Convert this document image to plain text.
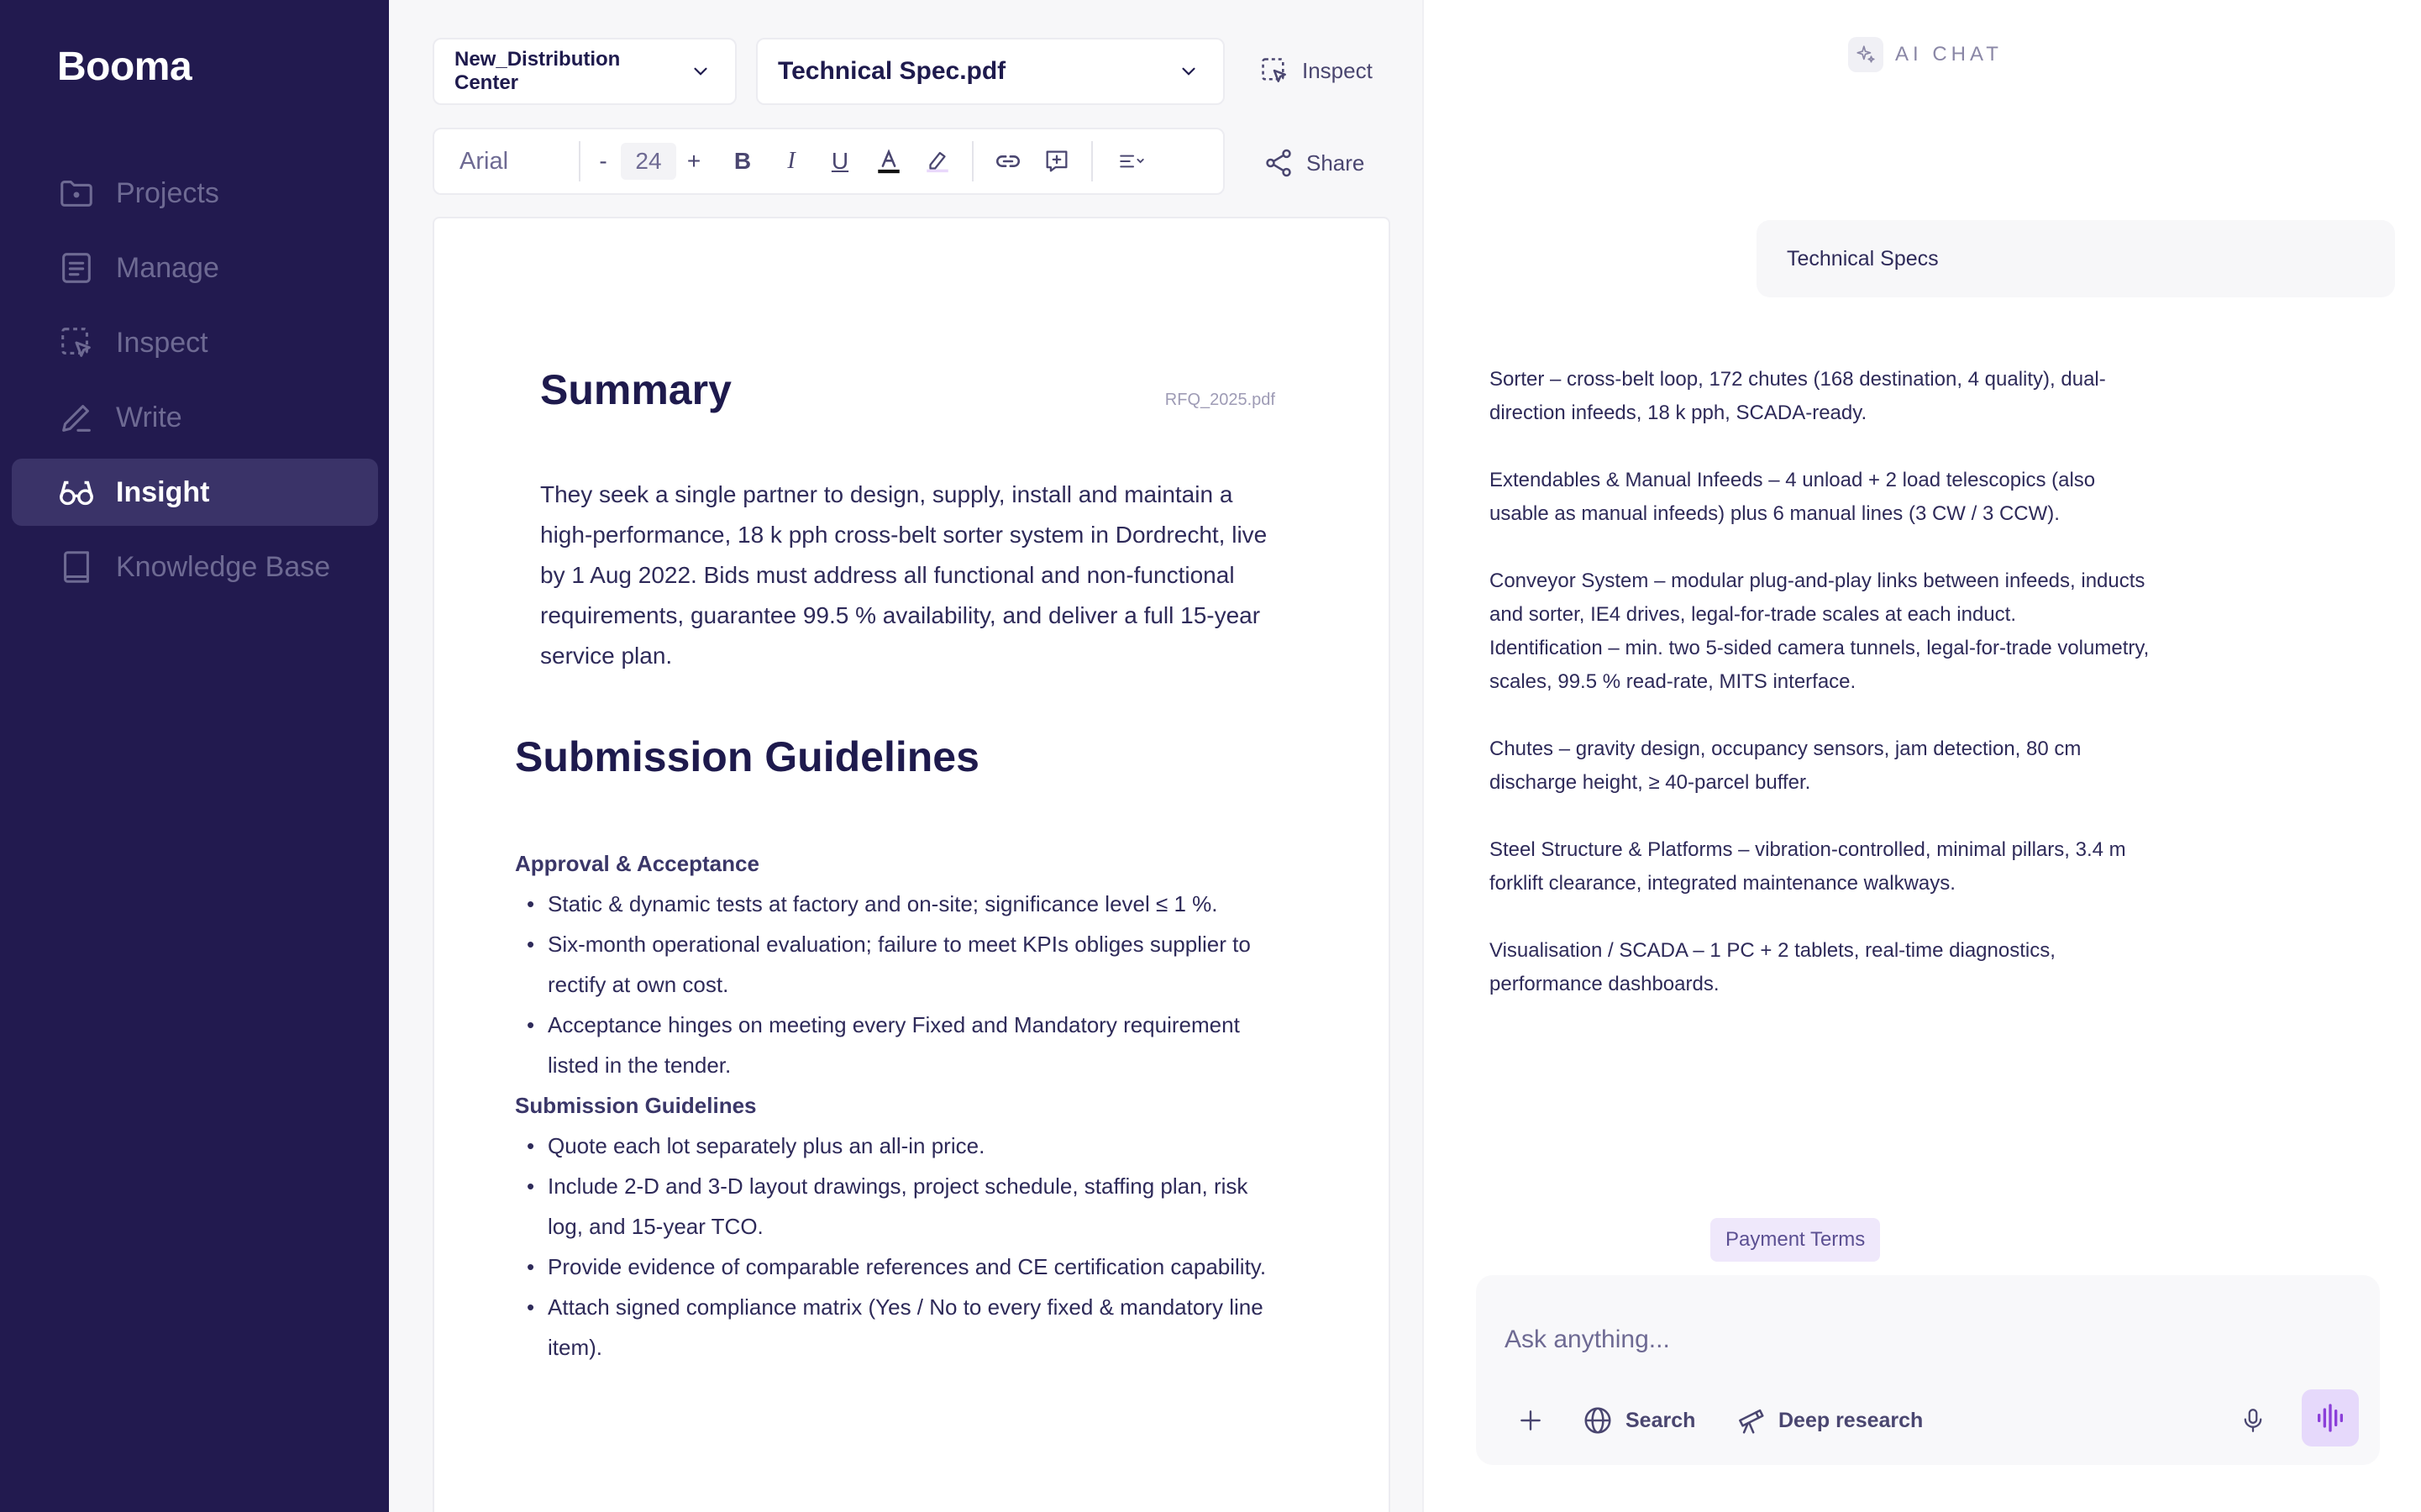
Booma
Projects
Manage
Inspect
Write
Insight
Knowledge Base
New_Distribution Center	Technical Spec.pdf	Inspect
Arial	-	24	+	B	I	U	Share
Summary	RFQ_2025.pdf

They seek a single partner to design, supply, install and maintain a high-performance, 18 k pph cross-belt sorter system in Dordrecht, live by 1 Aug 2022. Bids must address all functional and non-functional requirements, guarantee 99.5 % availability, and deliver a full 15-year service plan.

Submission Guidelines
Approval & Acceptance
• Static & dynamic tests at factory and on-site; significance level ≤ 1 %.
• Six-month operational evaluation; failure to meet KPIs obliges supplier to rectify at own cost.
• Acceptance hinges on meeting every Fixed and Mandatory requirement listed in the tender.
Submission Guidelines
• Quote each lot separately plus an all-in price.
• Include 2-D and 3-D layout drawings, project schedule, staffing plan, risk log, and 15-year TCO.
• Provide evidence of comparable references and CE certification capability.
• Attach signed compliance matrix (Yes / No to every fixed & mandatory line item).
AI CHAT
Technical Specs

Sorter – cross-belt loop, 172 chutes (168 destination, 4 quality), dual-direction infeeds, 18 k pph, SCADA-ready.

Extendables & Manual Infeeds – 4 unload + 2 load telescopics (also usable as manual infeeds) plus 6 manual lines (3 CW / 3 CCW).

Conveyor System – modular plug-and-play links between infeeds, inducts and sorter, IE4 drives, legal-for-trade scales at each induct.

Identification – min. two 5-sided camera tunnels, legal-for-trade volumetry, scales, 99.5 % read-rate, MITS interface.

Chutes – gravity design, occupancy sensors, jam detection, 80 cm discharge height, ≥ 40-parcel buffer.

Steel Structure & Platforms – vibration-controlled, minimal pillars, 3.4 m forklift clearance, integrated maintenance walkways.

Visualisation / SCADA – 1 PC + 2 tablets, real-time diagnostics, performance dashboards.

Payment Terms
Ask anything...
Search	Deep research
